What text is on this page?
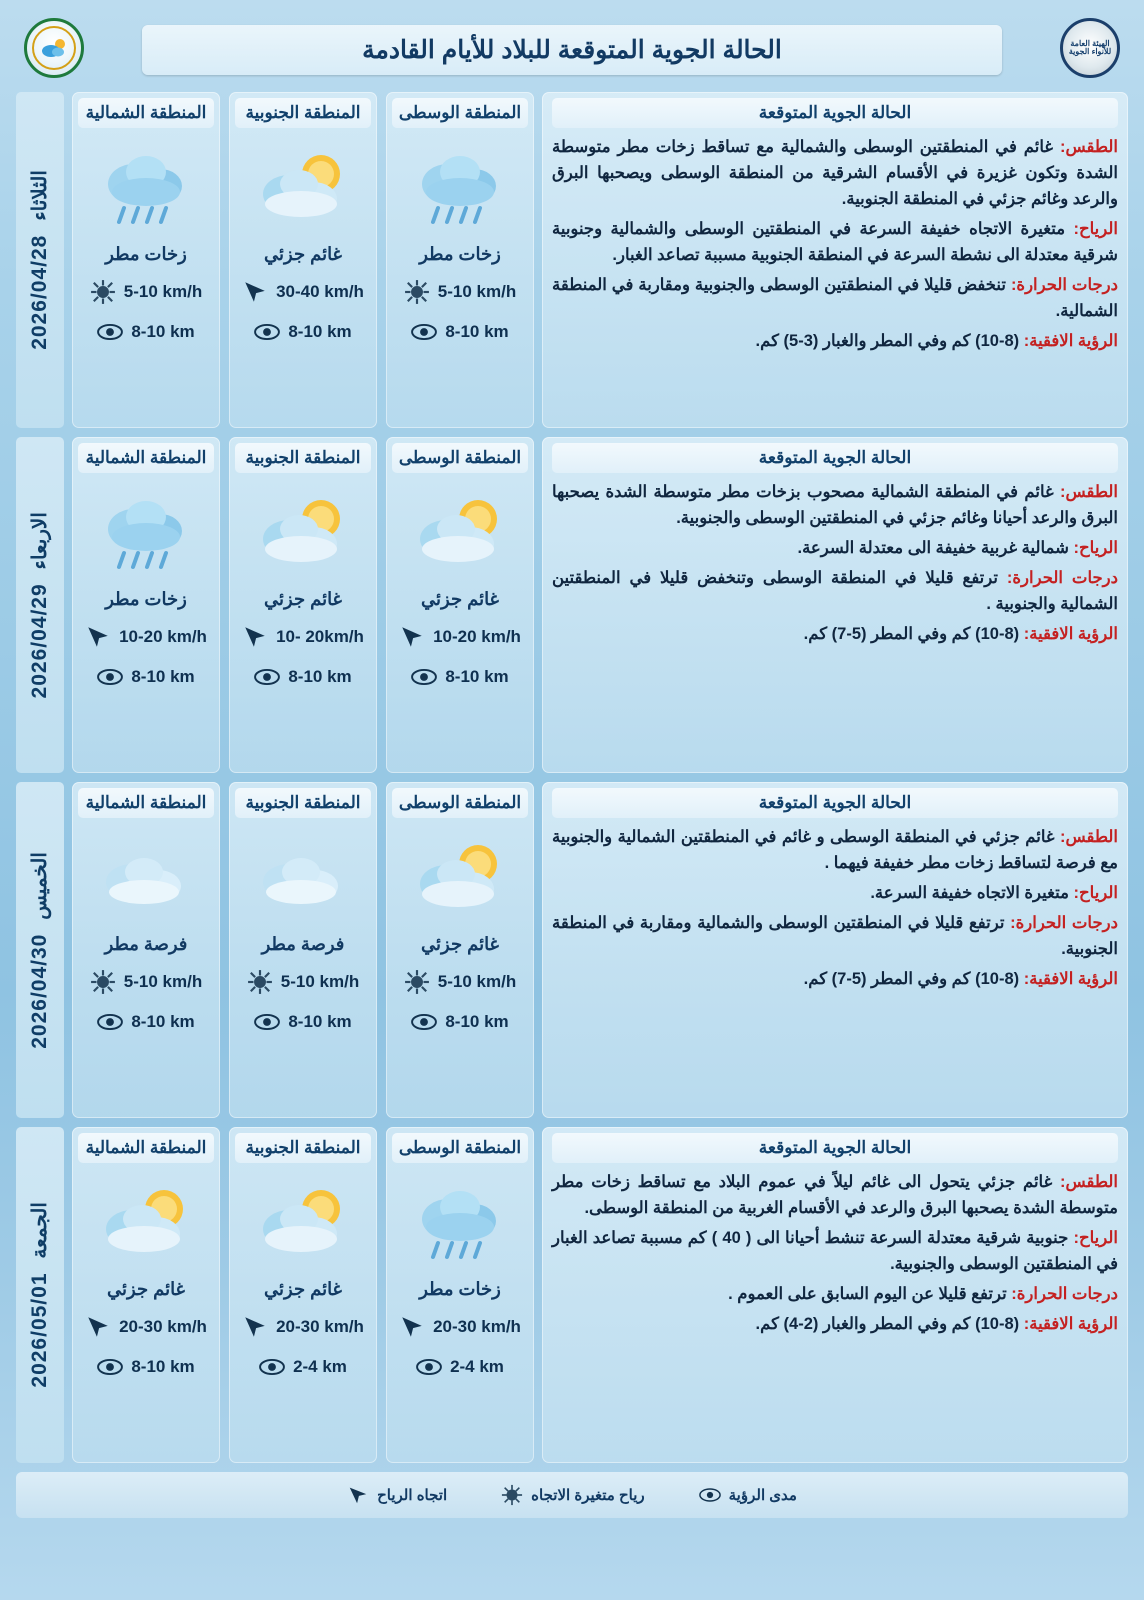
الهيئة العامة للأنواء الجوية
الحالة الجوية المتوقعة للبلاد للأيام القادمة
الحالة الجوية المتوقعة

الطقس: غائم في المنطقتين الوسطى والشمالية مع تساقط زخات مطر متوسطة الشدة وتكون غزيرة في الأقسام الشرقية من المنطقة الوسطى ويصحبها البرق والرعد وغائم جزئي في المنطقة الجنوبية.

الرياح: متغيرة الاتجاه خفيفة السرعة في المنطقتين الوسطى والشمالية وجنوبية شرقية معتدلة الى نشطة السرعة في المنطقة الجنوبية مسببة تصاعد الغبار.

درجات الحرارة: تنخفض قليلا في المنطقتين الوسطى والجنوبية ومقاربة في المنطقة الشمالية.

الرؤية الافقية: (8-10) كم وفي المطر والغبار (3-5) كم.

المنطقة الوسطى
زخات مطر
5-10 km/h
8-10 km
المنطقة الجنوبية
غائم جزئي
30-40 km/h
8-10 km
المنطقة الشمالية
زخات مطر
5-10 km/h
8-10 km
الثلاثاء
2026/04/28
الحالة الجوية المتوقعة

الطقس: غائم في المنطقة الشمالية مصحوب بزخات مطر متوسطة الشدة يصحبها البرق والرعد أحيانا وغائم جزئي في المنطقتين الوسطى والجنوبية.

الرياح: شمالية غربية خفيفة الى معتدلة السرعة.

درجات الحرارة: ترتفع قليلا في المنطقة الوسطى وتنخفض قليلا في المنطقتين الشمالية والجنوبية .

الرؤية الافقية: (8-10) كم وفي المطر (5-7) كم.

المنطقة الوسطى
غائم جزئي
10-20 km/h
8-10 km
المنطقة الجنوبية
غائم جزئي
10- 20km/h
8-10 km
المنطقة الشمالية
زخات مطر
10-20 km/h
8-10 km
الاربعاء
2026/04/29
الحالة الجوية المتوقعة

الطقس: غائم جزئي في المنطقة الوسطى و غائم في المنطقتين الشمالية والجنوبية مع فرصة لتساقط زخات مطر خفيفة فيهما .

الرياح: متغيرة الاتجاه خفيفة السرعة.

درجات الحرارة: ترتفع قليلا في المنطقتين الوسطى والشمالية ومقاربة في المنطقة الجنوبية.

الرؤية الافقية: (8-10) كم وفي المطر (5-7) كم.

المنطقة الوسطى
غائم جزئي
5-10 km/h
8-10 km
المنطقة الجنوبية
فرصة مطر
5-10 km/h
8-10 km
المنطقة الشمالية
فرصة مطر
5-10 km/h
8-10 km
الخميس
2026/04/30
الحالة الجوية المتوقعة

الطقس: غائم جزئي يتحول الى غائم ليلاً في عموم البلاد مع تساقط زخات مطر متوسطة الشدة يصحبها البرق والرعد في الأقسام الغربية من المنطقة الوسطى.

الرياح: جنوبية شرقية معتدلة السرعة تنشط أحيانا الى ( 40 ) كم مسببة تصاعد الغبار في المنطقتين الوسطى والجنوبية.

درجات الحرارة: ترتفع قليلا عن اليوم السابق على العموم .

الرؤية الافقية: (8-10) كم وفي المطر والغبار (2-4) كم.

المنطقة الوسطى
زخات مطر
20-30 km/h
2-4 km
المنطقة الجنوبية
غائم جزئي
20-30 km/h
2-4 km
المنطقة الشمالية
غائم جزئي
20-30 km/h
8-10 km
الجمعة
2026/05/01
مدى الرؤية
رياح متغيرة الاتجاه
اتجاه الرياح
